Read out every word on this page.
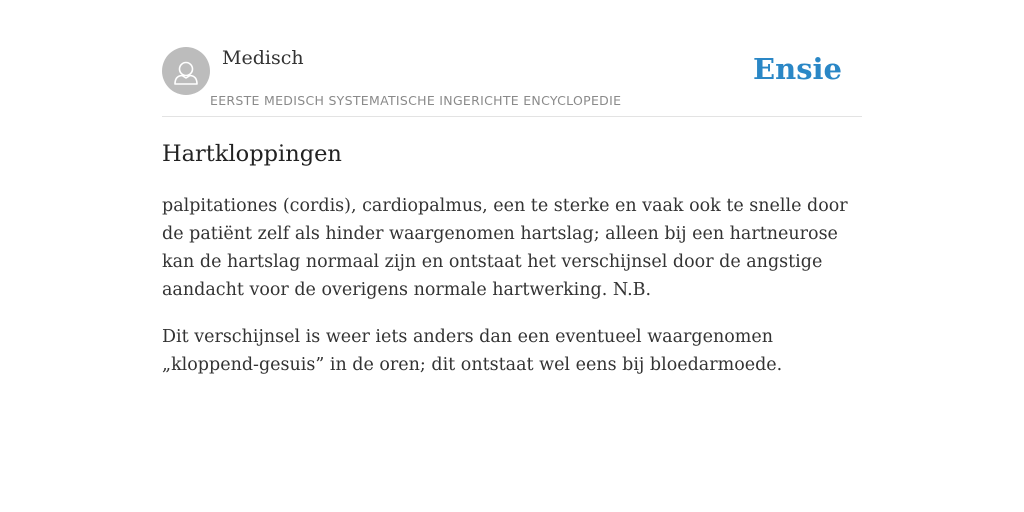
Medisch
EERSTE MEDISCH SYSTEMATISCHE INGERICHTE ENCYCLOPEDIE
Ensie
Hartkloppingen

palpitationes (cordis), cardiopalmus, een te sterke en vaak ook te snelle door de patiënt zelf als hinder waargenomen hartslag; alleen bij een hartneurose kan de hartslag normaal zijn en ontstaat het verschijnsel door de angstige aandacht voor de overigens normale hartwerking. N.B.

Dit verschijnsel is weer iets anders dan een eventueel waargenomen „kloppend-gesuis” in de oren; dit ontstaat wel eens bij bloedarmoede.
